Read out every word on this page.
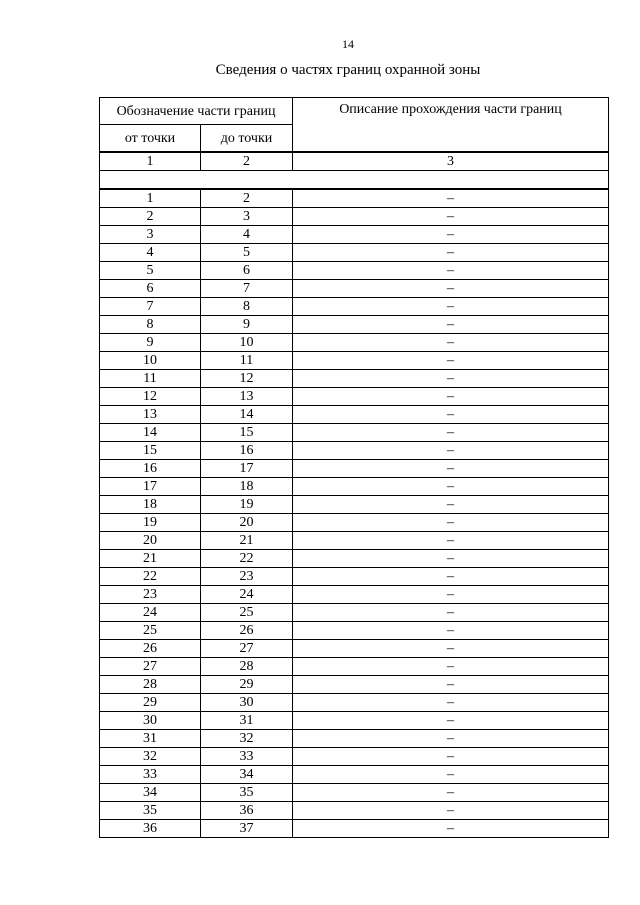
14
Сведения о частях границ охранной зоны
Обозначение части границ		Описание прохождения части границ
от точки	до точки	

1	2	3

1	2	–
2	3	–
3	4	–
4	5	–
5	6	–
6	7	–
7	8	–
8	9	–
9	10	–
10	11	–
11	12	–
12	13	–
13	14	–
14	15	–
15	16	–
16	17	–
17	18	–
18	19	–
19	20	–
20	21	–
21	22	–
22	23	–
23	24	–
24	25	–
25	26	–
26	27	–
27	28	–
28	29	–
29	30	–
30	31	–
31	32	–
32	33	–
33	34	–
34	35	–
35	36	–
36	37	–
